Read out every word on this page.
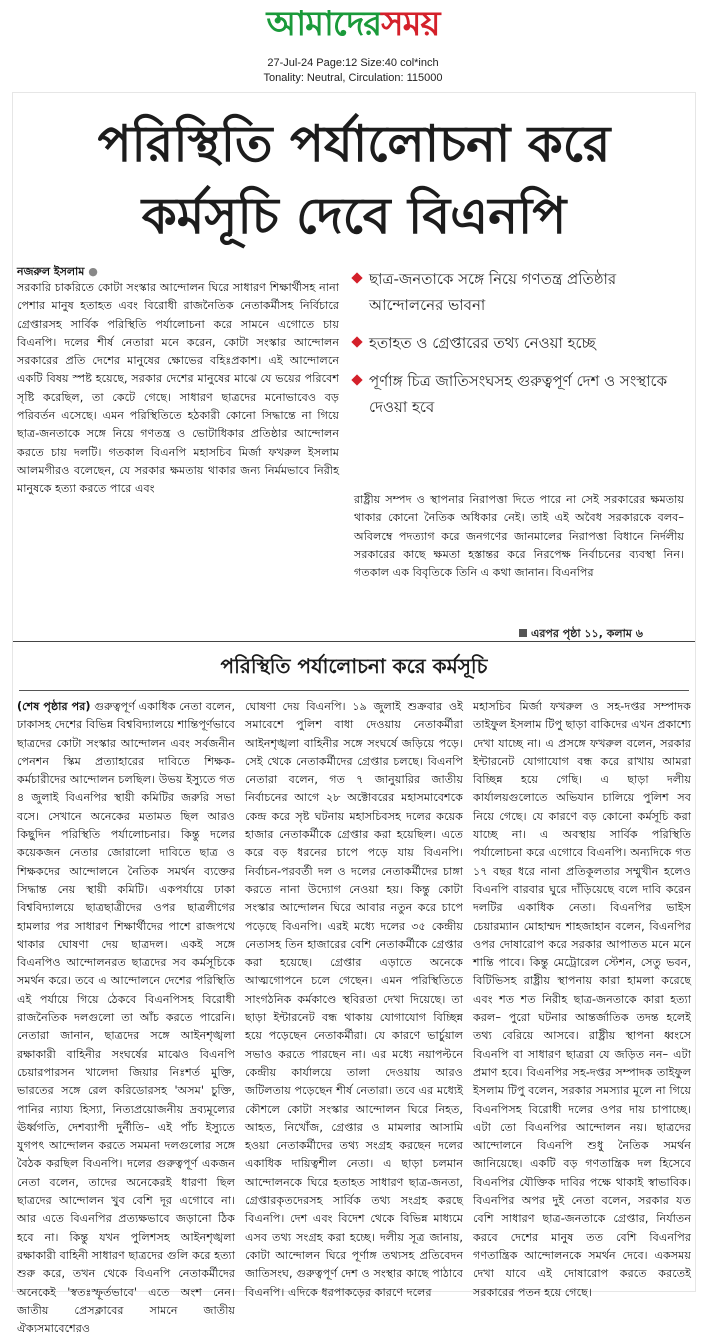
আমাদেরসময়
27-Jul-24 Page:12 Size:40 col*inch
Tonality: Neutral, Circulation: 115000
পরিস্থিতি পর্যালোচনা করে
কর্মসূচি দেবে বিএনপি
নজরুল ইসলাম ●
সরকারি চাকরিতে কোটা সংস্কার আন্দোলন ঘিরে সাধারণ শিক্ষার্থীসহ নানা পেশার মানুষ হতাহত এবং বিরোধী রাজনৈতিক নেতাকর্মীসহ নির্বিচারে গ্রেপ্তারসহ সার্বিক পরিস্থিতি পর্যালোচনা করে সামনে এগোতে চায় বিএনপি। দলের শীর্ষ নেতারা মনে করেন, কোটা সংস্কার আন্দোলন সরকারের প্রতি দেশের মানুষের ক্ষোভের বহিঃপ্রকাশ। এই আন্দোলনে একটি বিষয় স্পষ্ট হয়েছে, সরকার দেশের মানুষের মাঝে যে ভয়ের পরিবেশ সৃষ্টি করেছিল, তা কেটে গেছে। সাধারণ ছাত্রদের মনোভাবেও বড় পরিবর্তন এসেছে। এমন পরিস্থিতিতে হঠকারী কোনো সিদ্ধান্তে না গিয়ে ছাত্র-জনতাকে সঙ্গে নিয়ে গণতন্ত্র ও ভোটাধিকার প্রতিষ্ঠার আন্দোলন করতে চায় দলটি। গতকাল বিএনপি মহাসচিব মির্জা ফখরুল ইসলাম আলমগীরও বলেছেন, যে সরকার ক্ষমতায় থাকার জন্য নির্মমভাবে নিরীহ মানুষকে হত্যা করতে পারে এবং
ছাত্র-জনতাকে সঙ্গে নিয়ে গণতন্ত্র প্রতিষ্ঠার আন্দোলনের ভাবনা
হতাহত ও গ্রেপ্তারের তথ্য নেওয়া হচ্ছে
পূর্ণাঙ্গ চিত্র জাতিসংঘসহ গুরুত্বপূর্ণ দেশ ও সংস্থাকে দেওয়া হবে
রাষ্ট্রীয় সম্পদ ও স্থাপনার নিরাপত্তা দিতে পারে না সেই সরকারের ক্ষমতায় থাকার কোনো নৈতিক অধিকার নেই। তাই এই অবৈধ সরকারকে বলব– অবিলম্বে পদত্যাগ করে জনগণের জানমালের নিরাপত্তা বিধানে নির্দলীয় সরকারের কাছে ক্ষমতা হস্তান্তর করে নিরপেক্ষ নির্বাচনের ব্যবস্থা নিন। গতকাল এক বিবৃতিকে তিনি এ কথা জানান। বিএনপির
এরপর পৃষ্ঠা ১১, কলাম ৬
পরিস্থিতি পর্যালোচনা করে কর্মসূচি
(শেষ পৃষ্ঠার পর) গুরুত্বপূর্ণ একাধিক নেতা বলেন, ঢাকাসহ দেশের বিভিন্ন বিশ্ববিদ্যালয়ে শান্তিপূর্ণভাবে ছাত্রদের কোটা সংস্কার আন্দোলন এবং সর্বজনীন পেনশন স্কিম প্রত্যাহারের দাবিতে শিক্ষক-কর্মচারীদের আন্দোলন চলছিল। উভয় ইস্যুতে গত ৪ জুলাই বিএনপির স্থায়ী কমিটির জরুরি সভা বসে। সেখানে অনেকের মতামত ছিল আরও কিছুদিন পরিস্থিতি পর্যালোচনার। কিন্তু দলের কয়েকজন নেতার জোরালো দাবিতে ছাত্র ও শিক্ষকদের আন্দোলনে নৈতিক সমর্থন ব্যক্তের সিদ্ধান্ত নেয় স্থায়ী কমিটি। একপর্যায়ে ঢাকা বিশ্ববিদ্যালয়ে ছাত্রছাত্রীদের ওপর ছাত্রলীগের হামলার পর সাধারণ শিক্ষার্থীদের পাশে রাজপথে থাকার ঘোষণা দেয় ছাত্রদল। একই সঙ্গে বিএনপিও আন্দোলনরত ছাত্রদের সব কর্মসূচিকে সমর্থন করে। তবে এ আন্দোলনে দেশের পরিস্থিতি এই পর্যায়ে গিয়ে ঠেকবে বিএনপিসহ বিরোধী রাজনৈতিক দলগুলো তা আঁচ করতে পারেনি। নেতারা জানান, ছাত্রদের সঙ্গে আইনশৃঙ্খলা রক্ষাকারী বাহিনীর সংঘর্ষের মাঝেও বিএনপি চেয়ারপারসন খালেদা জিয়ার নিঃশর্ত মুক্তি, ভারতের সঙ্গে রেল করিডোরসহ 'অসম' চুক্তি, পানির ন্যায্য হিস্যা, নিত্যপ্রয়োজনীয় দ্রব্যমূল্যের ঊর্ধ্বগতি, দেশব্যাপী দুর্নীতি– এই পাঁচ ইস্যুতে যুগপৎ আন্দোলন করতে সমমনা দলগুলোর সঙ্গে বৈঠক করছিল বিএনপি। দলের গুরুত্বপূর্ণ একজন নেতা বলেন, তাদের অনেকেরই ধারণা ছিল ছাত্রদের আন্দোলন খুব বেশি দূর এগোবে না। আর এতে বিএনপির প্রত্যক্ষভাবে জড়ানো ঠিক হবে না। কিন্তু যখন পুলিশসহ আইনশৃঙ্খলা রক্ষাকারী বাহিনী সাধারণ ছাত্রদের গুলি করে হত্যা শুরু করে, তখন থেকে বিএনপি নেতাকর্মীদের অনেকেই 'স্বতঃস্ফূর্তভাবে' এতে অংশ নেন। জাতীয় প্রেসক্লাবের সামনে জাতীয় ঐক্যসমাবেশেরও
ঘোষণা দেয় বিএনপি। ১৯ জুলাই শুক্রবার ওই সমাবেশে পুলিশ বাধা দেওয়ায় নেতাকর্মীরা আইনশৃঙ্খলা বাহিনীর সঙ্গে সংঘর্ষে জড়িয়ে পড়ে। সেই থেকে নেতাকর্মীদের গ্রেপ্তার চলছে। বিএনপি নেতারা বলেন, গত ৭ জানুয়ারির জাতীয় নির্বাচনের আগে ২৮ অক্টোবরের মহাসমাবেশকে কেন্দ্র করে সৃষ্ট ঘটনায় মহাসচিবসহ দলের কয়েক হাজার নেতাকর্মীকে গ্রেপ্তার করা হয়েছিল। এতে করে বড় ধরনের চাপে পড়ে যায় বিএনপি। নির্বাচন-পরবর্তী দল ও দলের নেতাকর্মীদের চাঙ্গা করতে নানা উদ্যোগ নেওয়া হয়। কিন্তু কোটা সংস্কার আন্দোলন ঘিরে আবার নতুন করে চাপে পড়েছে বিএনপি। এরই মধ্যে দলের ৩৫ কেন্দ্রীয় নেতাসহ তিন হাজারের বেশি নেতাকর্মীকে গ্রেপ্তার করা হয়েছে। গ্রেপ্তার এড়াতে অনেকে আত্মগোপনে চলে গেছেন। এমন পরিস্থিতিতে সাংগঠনিক কর্মকাণ্ডে স্থবিরতা দেখা দিয়েছে। তা ছাড়া ইন্টারনেট বন্ধ থাকায় যোগাযোগ বিচ্ছিন্ন হয়ে পড়েছেন নেতাকর্মীরা। যে কারণে ভার্চুয়াল সভাও করতে পারছেন না। এর মধ্যে নয়াপল্টনে কেন্দ্রীয় কার্যালয়ে তালা দেওয়ায় আরও জটিলতায় পড়েছেন শীর্ষ নেতারা। তবে এর মধ্যেই কৌশলে কোটা সংস্কার আন্দোলন ঘিরে নিহত, আহত, নিখোঁজ, গ্রেপ্তার ও মামলার আসামি হওয়া নেতাকর্মীদের তথ্য সংগ্রহ করছেন দলের একাধিক দায়িত্বশীল নেতা। এ ছাড়া চলমান আন্দোলনকে ঘিরে হতাহত সাধারণ ছাত্র-জনতা, গ্রেপ্তারকৃতদেরসহ সার্বিক তথ্য সংগ্রহ করছে বিএনপি। দেশ এবং বিদেশ থেকে বিভিন্ন মাধ্যমে এসব তথ্য সংগ্রহ করা হচ্ছে। দলীয় সূত্র জানায়, কোটা আন্দোলন ঘিরে পূর্ণাঙ্গ তথ্যসহ প্রতিবেদন জাতিসংঘ, গুরুত্বপূর্ণ দেশ ও সংস্থার কাছে পাঠাবে বিএনপি। এদিকে ধরপাকড়ের কারণে দলের
মহাসচিব মির্জা ফখরুল ও সহ-দপ্তর সম্পাদক তাইফুল ইসলাম টিপু ছাড়া বাকিদের এখন প্রকাশ্যে দেখা যাচ্ছে না। এ প্রসঙ্গে ফখরুল বলেন, সরকার ইন্টারনেট যোগাযোগ বন্ধ করে রাখায় আমরা বিচ্ছিন্ন হয়ে গেছি। এ ছাড়া দলীয় কার্যালয়গুলোতে অভিযান চালিয়ে পুলিশ সব নিয়ে গেছে। যে কারণে বড় কোনো কর্মসূচি করা যাচ্ছে না। এ অবস্থায় সার্বিক পরিস্থিতি পর্যালোচনা করে এগোবে বিএনপি। অন্যদিকে গত ১৭ বছর ধরে নানা প্রতিকূলতার সম্মুখীন হলেও বিএনপি বারবার ঘুরে দাঁড়িয়েছে বলে দাবি করেন দলটির একাধিক নেতা। বিএনপির ভাইস চেয়ারম্যান মোহাম্মদ শাহজাহান বলেন, বিএনপির ওপর দোষারোপ করে সরকার আপাতত মনে মনে শান্তি পাবে। কিন্তু মেট্রোরেল স্টেশন, সেতু ভবন, বিটিভিসহ রাষ্ট্রীয় স্থাপনায় কারা হামলা করেছে এবং শত শত নিরীহ ছাত্র-জনতাকে কারা হত্যা করল– পুরো ঘটনার আন্তর্জাতিক তদন্ত হলেই তথ্য বেরিয়ে আসবে। রাষ্ট্রীয় স্থাপনা ধ্বংসে বিএনপি বা সাধারণ ছাত্ররা যে জড়িত নন– এটা প্রমাণ হবে। বিএনপির সহ-দপ্তর সম্পাদক তাইফুল ইসলাম টিপু বলেন, সরকার সমস্যার মূলে না গিয়ে বিএনপিসহ বিরোধী দলের ওপর দায় চাপাচ্ছে। এটা তো বিএনপির আন্দোলন নয়। ছাত্রদের আন্দোলনে বিএনপি শুধু নৈতিক সমর্থন জানিয়েছে। একটি বড় গণতান্ত্রিক দল হিসেবে বিএনপির যৌক্তিক দাবির পক্ষে থাকাই স্বাভাবিক। বিএনপির অপর দুই নেতা বলেন, সরকার যত বেশি সাধারণ ছাত্র-জনতাকে গ্রেপ্তার, নির্যাতন করবে দেশের মানুষ তত বেশি বিএনপির গণতান্ত্রিক আন্দোলনকে সমর্থন দেবে। একসময় দেখা যাবে এই দোষারোপ করতে করতেই সরকারের পতন হয়ে গেছে।
